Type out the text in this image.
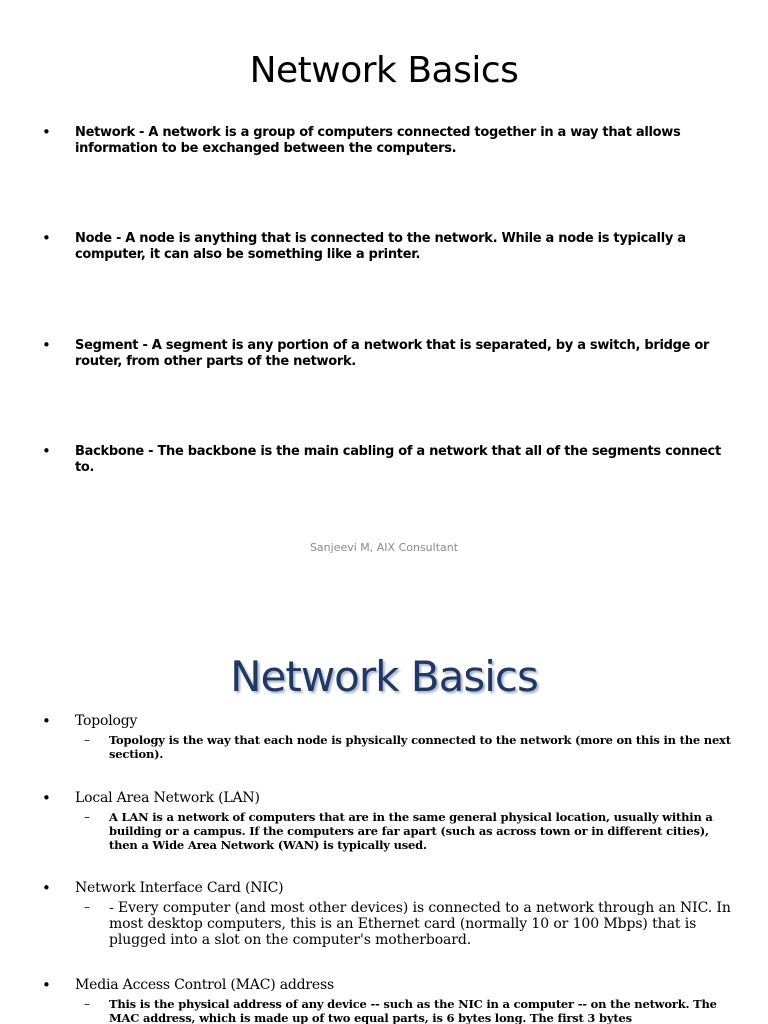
Network Basics
• Network - A network is a group of computers connected together in a way that allows information to be exchanged between the computers.
• Node - A node is anything that is connected to the network. While a node is typically a computer, it can also be something like a printer.
• Segment - A segment is any portion of a network that is separated, by a switch, bridge or router, from other parts of the network.
• Backbone - The backbone is the main cabling of a network that all of the segments connect to.
Sanjeevi M, AIX Consultant
Network Basics
• Topology
– Topology is the way that each node is physically connected to the network (more on this in the next section).
• Local Area Network (LAN)
– A LAN is a network of computers that are in the same general physical location, usually within a building or a campus. If the computers are far apart (such as across town or in different cities), then a Wide Area Network (WAN) is typically used.
• Network Interface Card (NIC)
– - Every computer (and most other devices) is connected to a network through an NIC. In most desktop computers, this is an Ethernet card (normally 10 or 100 Mbps) that is plugged into a slot on the computer's motherboard.
• Media Access Control (MAC) address
– This is the physical address of any device -- such as the NIC in a computer -- on the network. The MAC address, which is made up of two equal parts, is 6 bytes long. The first 3 bytes
